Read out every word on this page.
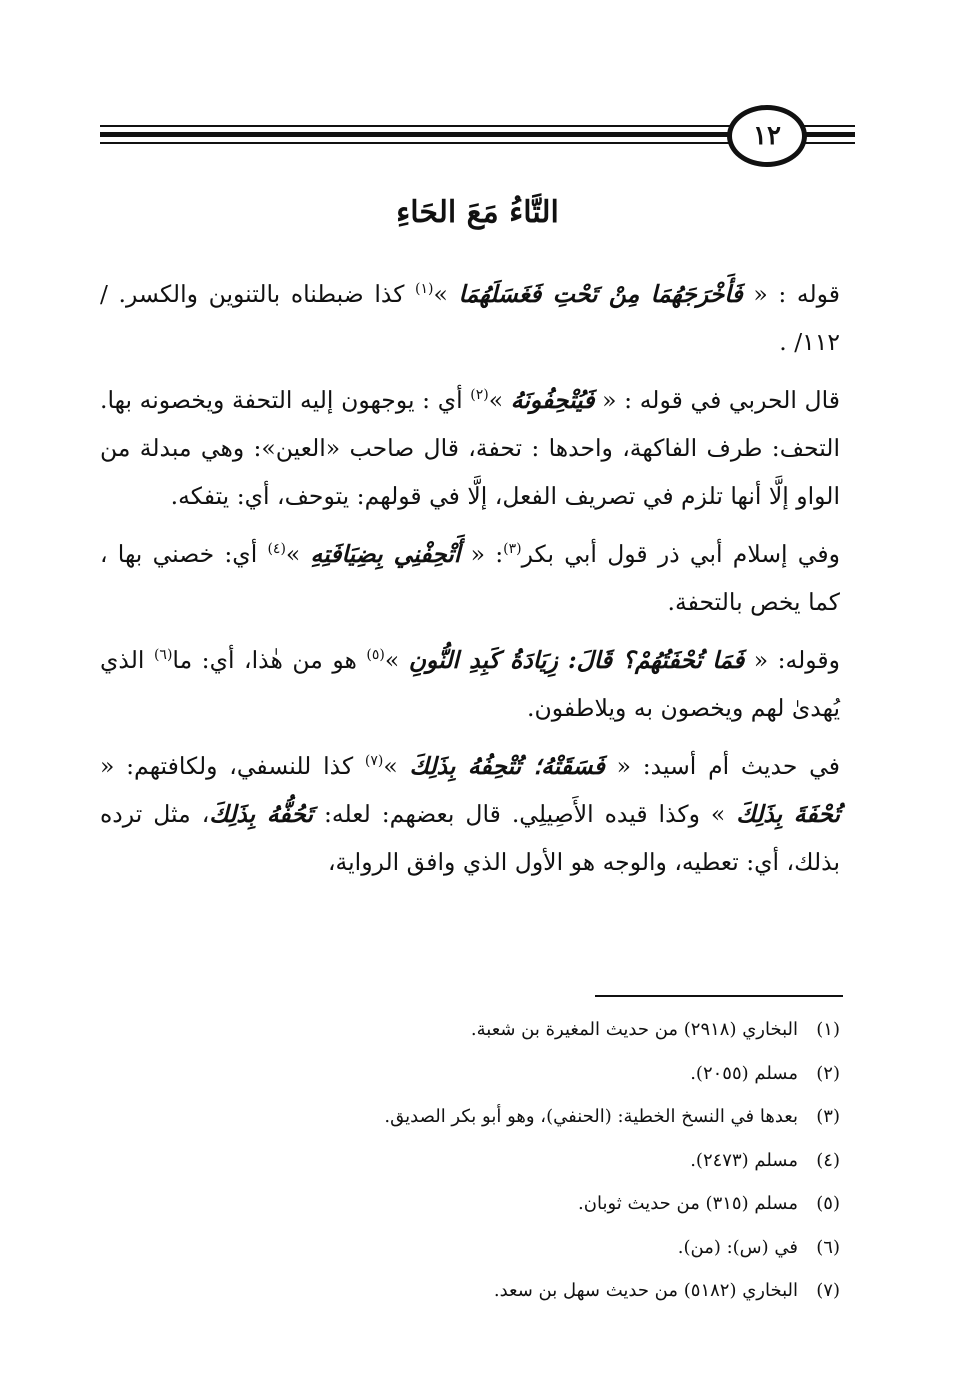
١٢
التَّاءُ مَعَ الحَاءِ

قوله : « فَأَخْرَجَهُمَا مِنْ تَحْتِ فَغَسَلَهُمَا »$^{(١)}$ كذا ضبطناه بالتنوين والكسر. /١١٢/ .

قال الحربي في قوله : « فَيُتْحِفُونَهُ »$^{(٢)}$ أي : يوجهون إليه التحفة ويخصونه بها. التحف: طرف الفاكهة، واحدها : تحفة، قال صاحب «العين»: وهي مبدلة من الواو إلَّا أنها تلزم في تصريف الفعل، إلَّا في قولهم: يتوحف، أي: يتفكه.

وفي إسلام أبي ذر قول أبي بكر$^{(٣)}$: « أَتْحِفْنِي بِضِيَافَتِهِ »$^{(٤)}$ أي: خصني بها ، كما يخص بالتحفة.

وقوله: « فَمَا تُحْفَتُهُمْ؟ قَالَ: زِيَادَةُ كَبِدِ النُّونِ »$^{(٥)}$ هو من هٰذا، أي: ما$^{(٦)}$ الذي يُهدىٰ لهم ويخصون به ويلاطفون.

في حديث أم أسيد: « فَسَقَتْهُ؛ تُتْحِفُهُ بِذَلِكَ »$^{(٧)}$ كذا للنسفي، ولكافتهم: « تُحْفَةَ بِذَلِكَ » وكذا قيده الأَصِيلِي. قال بعضهم: لعله: تَحُفُّهُ بِذَلِكَ، مثل ترده بذلك، أي: تعطيه، والوجه هو الأول الذي وافق الرواية،

(١)
البخاري (٢٩١٨) من حديث المغيرة بن شعبة.
(٢)
مسلم (٢٠٥٥).
(٣)
بعدها في النسخ الخطية: (الحنفي)، وهو أبو بكر الصديق.
(٤)
مسلم (٢٤٧٣).
(٥)
مسلم (٣١٥) من حديث ثوبان.
(٦)
في (س): (من).
(٧)
البخاري (٥١٨٢) من حديث سهل بن سعد.
